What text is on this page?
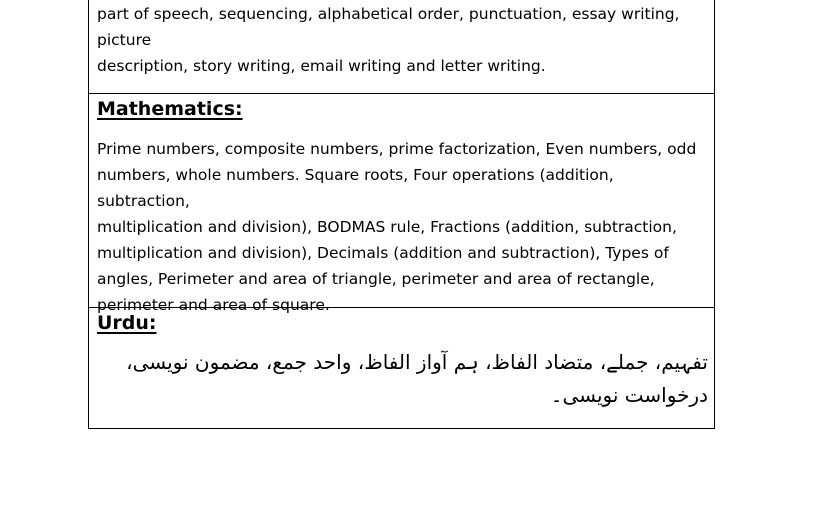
part of speech, sequencing, alphabetical order, punctuation, essay writing, picture
description, story writing, email writing and letter writing.
Mathematics:
Prime numbers, composite numbers, prime factorization, Even numbers, odd
numbers, whole numbers. Square roots, Four operations (addition, subtraction,
multiplication and division), BODMAS rule, Fractions (addition, subtraction,
multiplication and division), Decimals (addition and subtraction), Types of
angles, Perimeter and area of triangle, perimeter and area of rectangle,
perimeter and area of square.
Urdu:
تفہیم، جملے، متضاد الفاظ، ہم آواز الفاظ، واحد جمع، مضمون نویسی،
درخواست نویسی۔
